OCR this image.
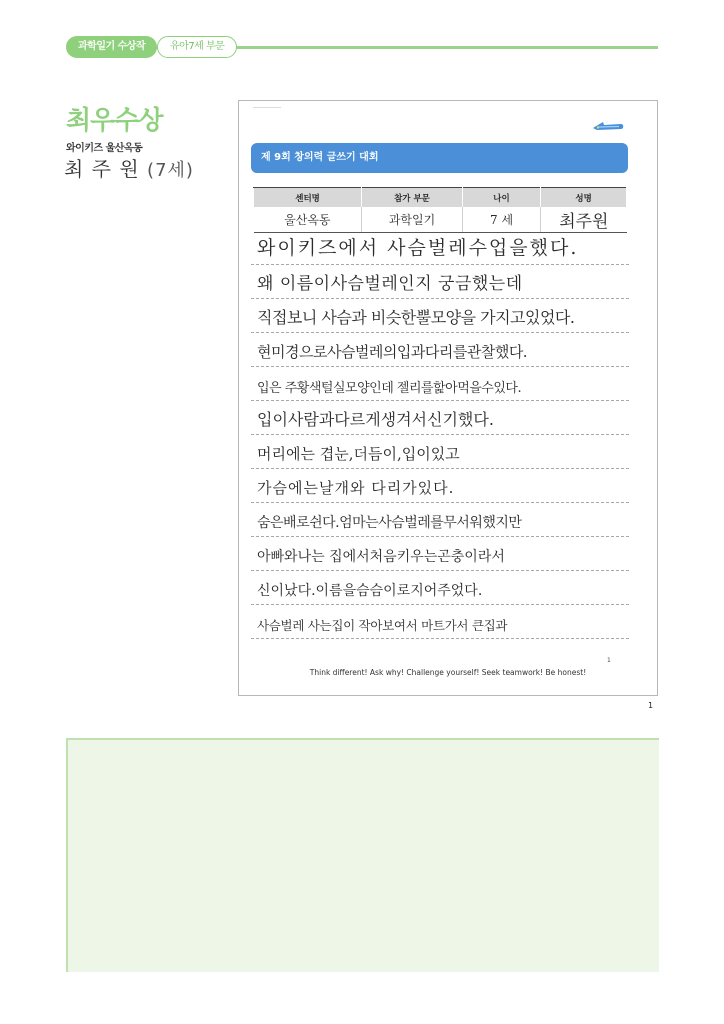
과학일기 수상작	유아7세 부문
최우수상
와이키즈 울산옥동
최 주 원 (7세)
제 9회 창의력 글쓰기 대회
센터명	참가 부문	나이	성명
울산옥동	과학일기	7 세	최주원
와이키즈에서 사슴벌레수업을했다.
왜 이름이사슴벌레인지 궁금했는데
직접보니 사슴과 비슷한뿔모양을 가지고있었다.
현미경으로사슴벌레의입과다리를관찰했다.
입은 주황색털실모양인데 젤리를핥아먹을수있다.
입이사람과다르게생겨서신기했다.
머리에는 겹눈,더듬이,입이있고
가슴에는날개와 다리가있다.
숨은배로쉰다.엄마는사슴벌레를무서워했지만
아빠와나는 집에서처음키우는곤충이라서
신이났다.이름을슴슴이로지어주었다.
사슴벌레 사는집이 작아보여서 마트가서 큰집과
1
Think different! Ask why! Challenge yourself! Seek teamwork! Be honest!
1
